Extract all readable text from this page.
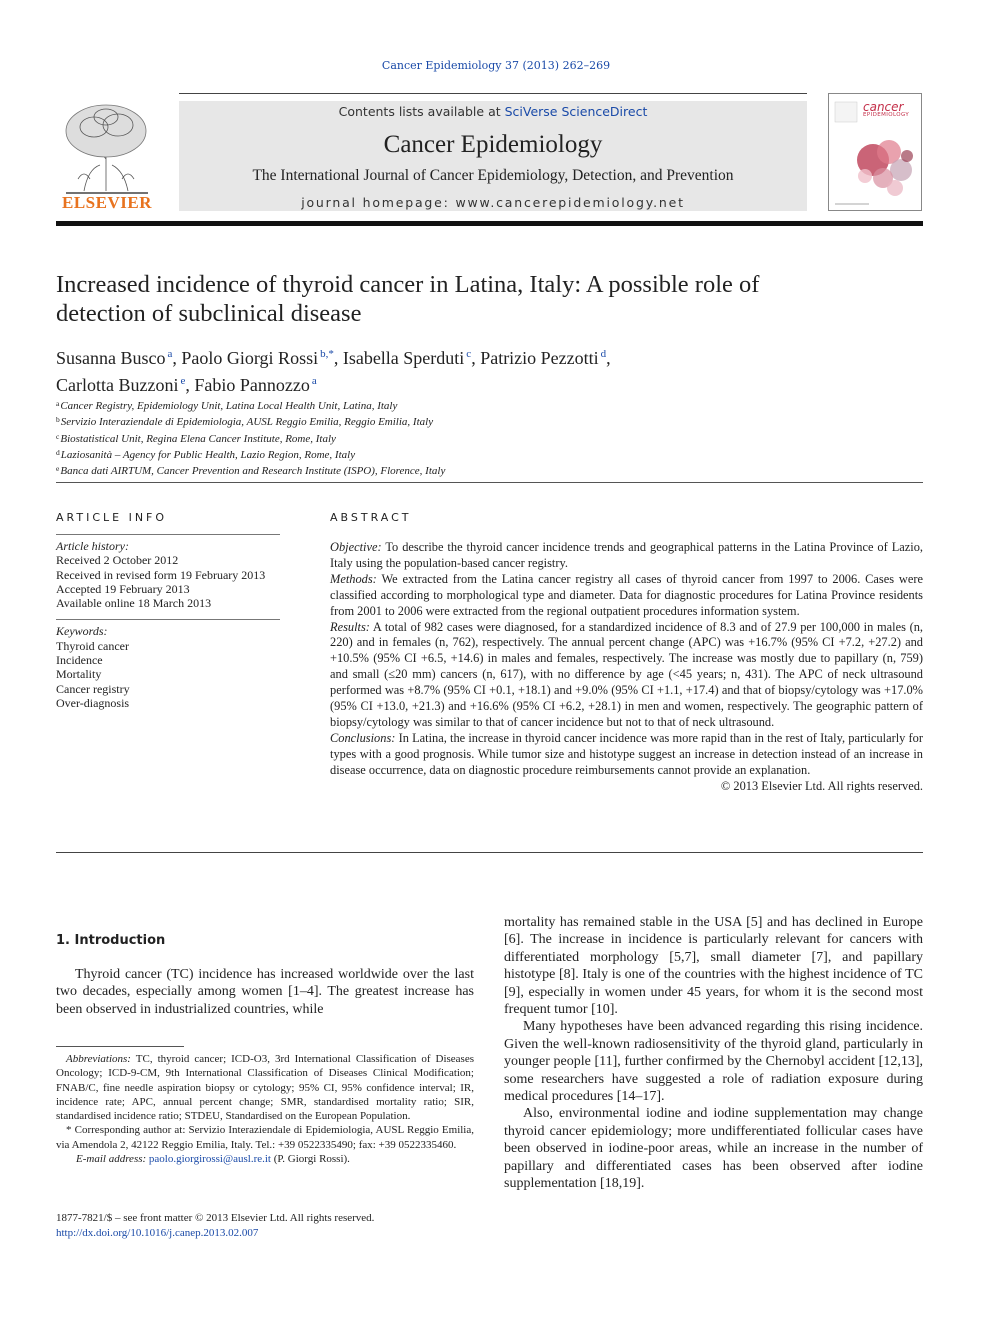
Cancer Epidemiology 37 (2013) 262–269
ELSEVIER
Contents lists available at SciVerse ScienceDirect
Cancer Epidemiology
The International Journal of Cancer Epidemiology, Detection, and Prevention
journal homepage: www.cancerepidemiology.net
cancer
EPIDEMIOLOGY
Increased incidence of thyroid cancer in Latina, Italy: A possible role of detection of subclinical disease
Susanna Busco $^a$, Paolo Giorgi Rossi $^{b,*}$, Isabella Sperduti $^c$, Patrizio Pezzotti $^d$,
Carlotta Buzzoni $^e$, Fabio Pannozzo $^a$
$^a$Cancer Registry, Epidemiology Unit, Latina Local Health Unit, Latina, Italy
$^b$Servizio Interaziendale di Epidemiologia, AUSL Reggio Emilia, Reggio Emilia, Italy
$^c$Biostatistical Unit, Regina Elena Cancer Institute, Rome, Italy
$^d$Laziosanità – Agency for Public Health, Lazio Region, Rome, Italy
$^e$Banca dati AIRTUM, Cancer Prevention and Research Institute (ISPO), Florence, Italy
ARTICLE INFO	ABSTRACT
Article history:
Received 2 October 2012
Received in revised form 19 February 2013
Accepted 19 February 2013
Available online 18 March 2013
Keywords:
Thyroid cancer
Incidence
Mortality
Cancer registry
Over-diagnosis

Objective: To describe the thyroid cancer incidence trends and geographical patterns in the Latina Province of Lazio, Italy using the population-based cancer registry.

Methods: We extracted from the Latina cancer registry all cases of thyroid cancer from 1997 to 2006. Cases were classified according to morphological type and diameter. Data for diagnostic procedures for Latina Province residents from 2001 to 2006 were extracted from the regional outpatient procedures information system.

Results: A total of 982 cases were diagnosed, for a standardized incidence of 8.3 and of 27.9 per 100,000 in males (n, 220) and in females (n, 762), respectively. The annual percent change (APC) was +16.7% (95% CI +7.2, +27.2) and +10.5% (95% CI +6.5, +14.6) in males and females, respectively. The increase was mostly due to papillary (n, 759) and small (≤20 mm) cancers (n, 617), with no difference by age (<45 years; n, 431). The APC of neck ultrasound performed was +8.7% (95% CI +0.1, +18.1) and +9.0% (95% CI +1.1, +17.4) and that of biopsy/cytology was +17.0% (95% CI +13.0, +21.3) and +16.6% (95% CI +6.2, +28.1) in men and women, respectively. The geographic pattern of biopsy/cytology was similar to that of cancer incidence but not to that of neck ultrasound.

Conclusions: In Latina, the increase in thyroid cancer incidence was more rapid than in the rest of Italy, particularly for types with a good prognosis. While tumor size and histotype suggest an increase in detection instead of an increase in disease occurrence, data on diagnostic procedure reimbursements cannot provide an explanation.

© 2013 Elsevier Ltd. All rights reserved.

1. Introduction

Thyroid cancer (TC) incidence has increased worldwide over the last two decades, especially among women [1–4]. The greatest increase has been observed in industrialized countries, while

mortality has remained stable in the USA [5] and has declined in Europe [6]. The increase in incidence is particularly relevant for cancers with differentiated morphology [5,7], small diameter [7], and papillary histotype [8]. Italy is one of the countries with the highest incidence of TC [9], especially in women under 45 years, for whom it is the second most frequent tumor [10].

Many hypotheses have been advanced regarding this rising incidence. Given the well-known radiosensitivity of the thyroid gland, particularly in younger people [11], further confirmed by the Chernobyl accident [12,13], some researchers have suggested a role of radiation exposure during medical procedures [14–17].

Also, environmental iodine and iodine supplementation may change thyroid cancer epidemiology; more undifferentiated follicular cases have been observed in iodine-poor areas, while an increase in the number of papillary and differentiated cases has been observed after iodine supplementation [18,19].

Abbreviations: TC, thyroid cancer; ICD-O3, 3rd International Classification of Diseases Oncology; ICD-9-CM, 9th International Classification of Diseases Clinical Modification; FNAB/C, fine needle aspiration biopsy or cytology; 95% CI, 95% confidence interval; IR, incidence rate; APC, annual percent change; SMR, standardised mortality ratio; SIR, standardised incidence ratio; STDEU, Standardised on the European Population.
* Corresponding author at: Servizio Interaziendale di Epidemiologia, AUSL Reggio Emilia, via Amendola 2, 42122 Reggio Emilia, Italy. Tel.: +39 0522335490; fax: +39 0522335460.
E-mail address: paolo.giorgirossi@ausl.re.it (P. Giorgi Rossi).
1877-7821/$ – see front matter © 2013 Elsevier Ltd. All rights reserved.
http://dx.doi.org/10.1016/j.canep.2013.02.007
